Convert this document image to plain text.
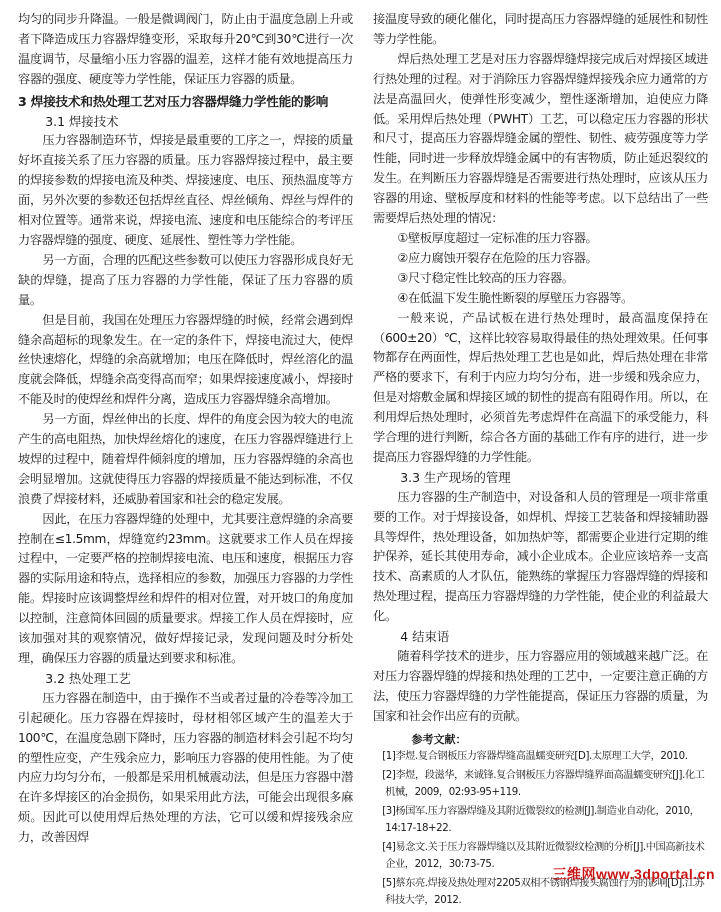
均匀的同步升降温。一般是微调阀门，防止由于温度急剧上升或者下降造成压力容器焊缝变形，采取每升20℃到30℃进行一次温度调节，尽量缩小压力容器的温差，这样才能有效地提高压力容器的强度、硬度等力学性能，保证压力容器的质量。

3 焊接技术和热处理工艺对压力容器焊缝力学性能的影响
3.1 焊接技术

压力容器制造环节，焊接是最重要的工序之一，焊接的质量好坏直接关系了压力容器的质量。压力容器焊接过程中，最主要的焊接参数的焊接电流及种类、焊接速度、电压、预热温度等方面，另外次要的参数还包括焊丝直径、焊丝倾角、焊丝与焊件的相对位置等。通常来说，焊接电流、速度和电压能综合的考评压力容器焊缝的强度、硬度、延展性、塑性等力学性能。

另一方面，合理的匹配这些参数可以使压力容器形成良好无缺的焊缝，提高了压力容器的力学性能，保证了压力容器的质量。

但是目前，我国在处理压力容器焊缝的时候，经常会遇到焊缝余高超标的现象发生。在一定的条件下，焊接电流过大，使焊丝快速熔化，焊缝的余高就增加；电压在降低时，焊丝溶化的温度就会降低，焊缝余高变得高而窄；如果焊接速度减小，焊接时不能及时的使焊丝和焊件分离，造成压力容器焊缝余高增加。

另一方面，焊丝伸出的长度、焊件的角度会因为较大的电流产生的高电阻热，加快焊丝熔化的速度，在压力容器焊缝进行上坡焊的过程中，随着焊件倾斜度的增加，压力容器焊缝的余高也会明显增加。这就使得压力容器的焊接质量不能达到标准，不仅浪费了焊接材料，还威胁着国家和社会的稳定发展。

因此，在压力容器焊缝的处理中，尤其要注意焊缝的余高要控制在≤1.5mm，焊缝宽约23mm。这就要求工作人员在焊接过程中，一定要严格的控制焊接电流、电压和速度，根据压力容器的实际用途和特点，选择相应的参数，加强压力容器的力学性能。焊接时应该调整焊丝和焊件的相对位置，对开坡口的角度加以控制，注意简体回圆的质量要求。焊接工作人员在焊接时，应该加强对其的观察情况，做好焊接记录，发现问题及时分析处理，确保压力容器的质量达到要求和标准。

3.2 热处理工艺

压力容器在制造中，由于操作不当或者过量的冷卷等冷加工引起硬化。压力容器在焊接时，母材相邻区域产生的温差大于100℃，在温度急剧下降时，压力容器的制造材料会引起不均匀的塑性应变，产生残余应力，影响压力容器的使用性能。为了使内应力均匀分布，一般都是采用机械震动法，但是压力容器中潜在许多焊接区的冶金损伤，如果采用此方法，可能会出现很多麻烦。因此可以使用焊后热处理的方法，它可以缓和焊接残余应力，改善因焊

接温度导致的硬化催化，同时提高压力容器焊缝的延展性和韧性等力学性能。

焊后热处理工艺是对压力容器焊缝焊接完成后对焊接区域进行热处理的过程。对于消除压力容器焊缝焊接残余应力通常的方法是高温回火，使弹性形变减少，塑性逐渐增加，迫使应力降低。采用焊后热处理（PWHT）工艺，可以稳定压力容器的形状和尺寸，提高压力容器焊缝金属的塑性、韧性、疲劳强度等力学性能，同时进一步释放焊缝金属中的有害物质，防止延迟裂纹的发生。在判断压力容器焊缝是否需要进行热处理时，应该从压力容器的用途、壁板厚度和材料的性能等考虑。以下总结出了一些需要焊后热处理的情况：

①壁板厚度超过一定标准的压力容器。

②应力腐蚀开裂存在危险的压力容器。

③尺寸稳定性比较高的压力容器。

④在低温下发生脆性断裂的厚壁压力容器等。

一般来说，产品试板在进行热处理时，最高温度保持在（600±20）℃，这样比较容易取得最佳的热处理效果。任何事物都存在两面性，焊后热处理工艺也是如此，焊后热处理在非常严格的要求下，有利于内应力均匀分布，进一步缓和残余应力，但是对熔敷金属和焊接区域的韧性的提高有阻碍作用。所以，在利用焊后热处理时，必须首先考虑焊件在高温下的承受能力，科学合理的进行判断，综合各方面的基础工作有序的进行，进一步提高压力容器焊缝的力学性能。

3.3 生产现场的管理

压力容器的生产制造中，对设备和人员的管理是一项非常重要的工作。对于焊接设备，如焊机、焊接工艺装备和焊接辅助器具等焊件，热处理设备，如加热炉等，都需要企业进行定期的维护保养，延长其使用寿命，减小企业成本。企业应该培养一支高技术、高素质的人才队伍，能熟练的掌握压力容器焊缝的焊接和热处理过程，提高压力容器焊缝的力学性能，使企业的利益最大化。

4 结束语

随着科学技术的进步，压力容器应用的领域越来越广泛。在对压力容器焊缝的焊接和热处理的工艺中，一定要注意正确的方法，使压力容器焊缝的力学性能提高，保证压力容器的质量，为国家和社会作出应有的贡献。

参考文献：
[1]李煜.复合钢板压力容器焊缝高温蠕变研究[D].太原理工大学，2010.
[2]李煜，段滋华，来诚锋.复合钢板压力容器焊缝界面高温蠕变研究[J].化工机械，2009，02:93-95+119.
[3]杨国军.压力容器焊缝及其附近微裂纹的检测[J].制造业自动化，2010，14:17-18+22.
[4]易念文.关于压力容器焊缝以及其附近微裂纹检测的分析[J].中国高新技术企业，2012，30:73-75.
[5]蔡东亮.焊接及热处理对2205双相不锈钢焊接头腐蚀行为的影响[D].江苏科技大学，2012.
三维网www.3dportal.cn
